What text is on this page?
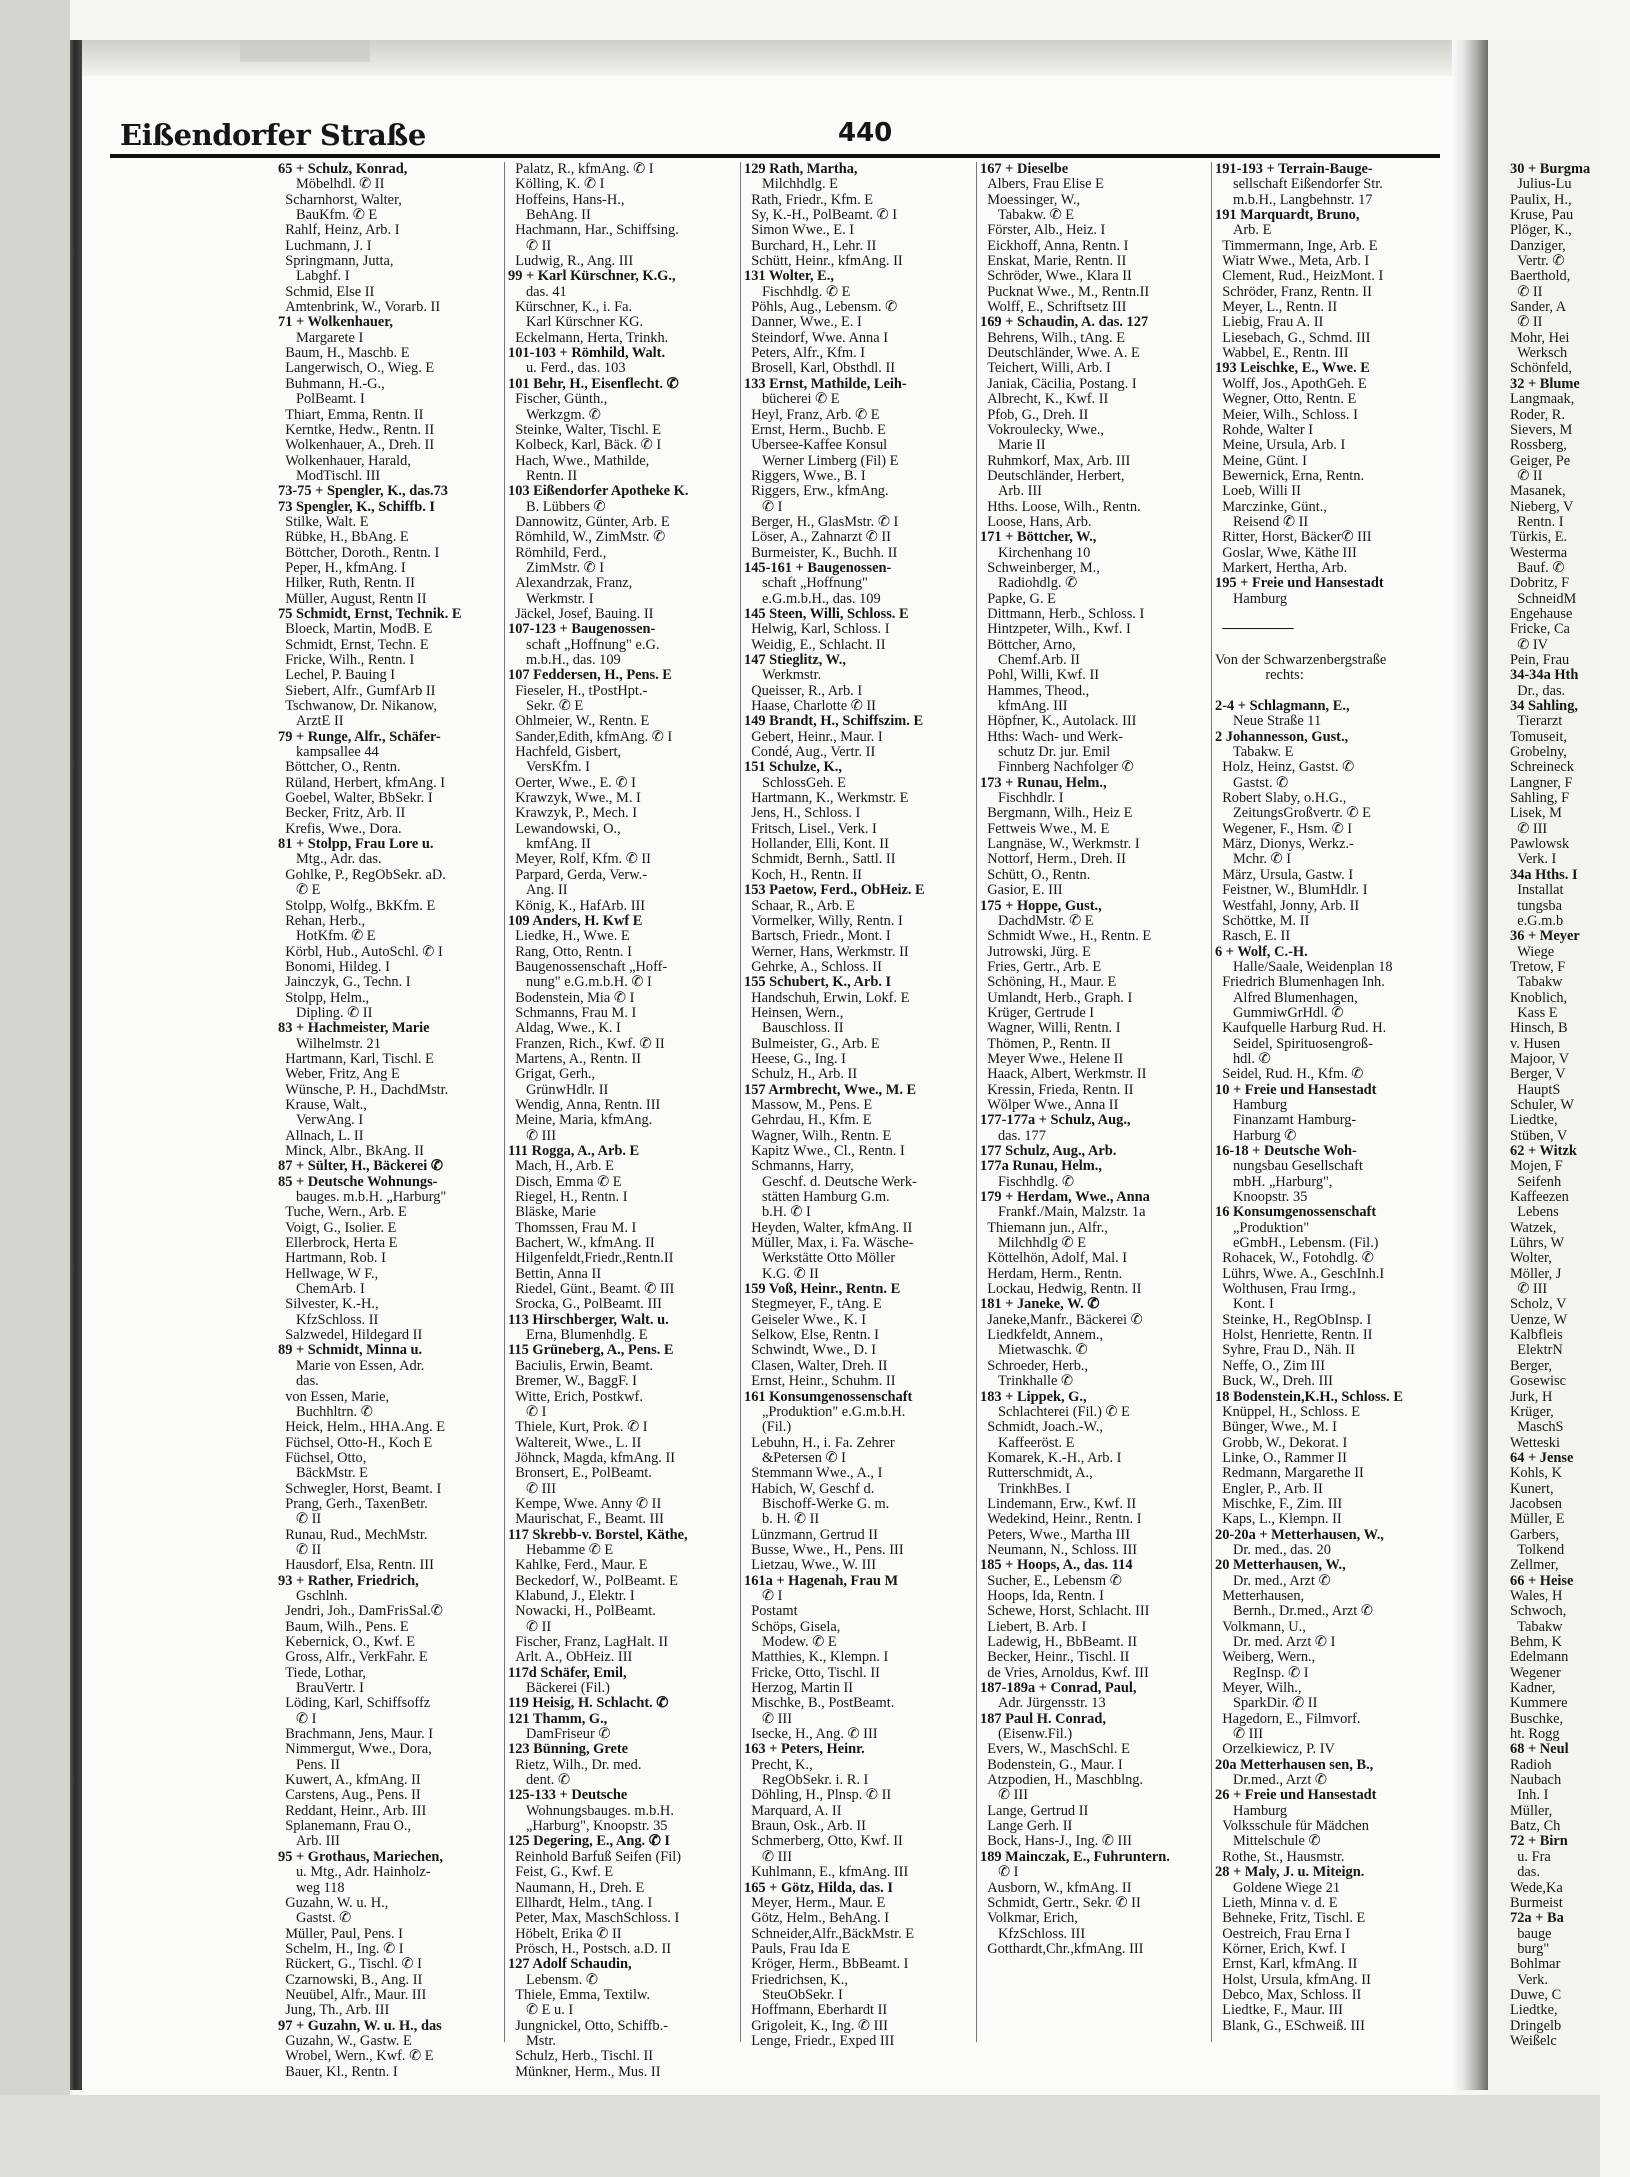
Eißendorfer Straße	440
65 + Schulz, Konrad,
Möbelhdl. ✆ II
Scharnhorst, Walter,
BauKfm. ✆ E
Rahlf, Heinz, Arb. I
Luchmann, J. I
Springmann, Jutta,
Labghf. I
Schmid, Else II
Amtenbrink, W., Vorarb. II
71 + Wolkenhauer,
Margarete I
Baum, H., Maschb. E
Langerwisch, O., Wieg. E
Buhmann, H.-G.,
PolBeamt. I
Thiart, Emma, Rentn. II
Kerntke, Hedw., Rentn. II
Wolkenhauer, A., Dreh. II
Wolkenhauer, Harald,
ModTischl. III
73-75 + Spengler, K., das.73
73 Spengler, K., Schiffb. I
Stilke, Walt. E
Rübke, H., BbAng. E
Böttcher, Doroth., Rentn. I
Peper, H., kfmAng. I
Hilker, Ruth, Rentn. II
Müller, August, Rentn II
75 Schmidt, Ernst, Technik. E
Bloeck, Martin, ModB. E
Schmidt, Ernst, Techn. E
Fricke, Wilh., Rentn. I
Lechel, P. Bauing I
Siebert, Alfr., GumfArb II
Tschwanow, Dr. Nikanow,
ArztE II
79 + Runge, Alfr., Schäfer-
kampsallee 44
Böttcher, O., Rentn.
Rüland, Herbert, kfmAng. I
Goebel, Walter, BbSekr. I
Becker, Fritz, Arb. II
Krefis, Wwe., Dora.
81 + Stolpp, Frau Lore u.
Mtg., Adr. das.
Gohlke, P., RegObSekr. aD.
✆ E
Stolpp, Wolfg., BkKfm. E
Rehan, Herb.,
HotKfm. ✆ E
Körbl, Hub., AutoSchl. ✆ I
Bonomi, Hildeg. I
Jainczyk, G., Techn. I
Stolpp, Helm.,
Dipling. ✆ II
83 + Hachmeister, Marie
Wilhelmstr. 21
Hartmann, Karl, Tischl. E
Weber, Fritz, Ang E
Wünsche, P. H., DachdMstr.
Krause, Walt.,
VerwAng. I
Allnach, L. II
Minck, Albr., BkAng. II
87 + Sülter, H., Bäckerei ✆
85 + Deutsche Wohnungs-
bauges. m.b.H. „Harburg"
Tuche, Wern., Arb. E
Voigt, G., Isolier. E
Ellerbrock, Herta E
Hartmann, Rob. I
Hellwage, W F.,
ChemArb. I
Silvester, K.-H.,
KfzSchloss. II
Salzwedel, Hildegard II
89 + Schmidt, Minna u.
Marie von Essen, Adr.
das.
von Essen, Marie,
Buchhltrn. ✆
Heick, Helm., HHA.Ang. E
Füchsel, Otto-H., Koch E
Füchsel, Otto,
BäckMstr. E
Schwegler, Horst, Beamt. I
Prang, Gerh., TaxenBetr.
✆ II
Runau, Rud., MechMstr.
✆ II
Hausdorf, Elsa, Rentn. III
93 + Rather, Friedrich,
Gschlnh.
Jendri, Joh., DamFrisSal.✆
Baum, Wilh., Pens. E
Kebernick, O., Kwf. E
Gross, Alfr., VerkFahr. E
Tiede, Lothar,
BrauVertr. I
Löding, Karl, Schiffsoffz
✆ I
Brachmann, Jens, Maur. I
Nimmergut, Wwe., Dora,
Pens. II
Kuwert, A., kfmAng. II
Carstens, Aug., Pens. II
Reddant, Heinr., Arb. III
Splanemann, Frau O.,
Arb. III
95 + Grothaus, Mariechen,
u. Mtg., Adr. Hainholz-
weg 118
Guzahn, W. u. H.,
Gastst. ✆
Müller, Paul, Pens. I
Schelm, H., Ing. ✆ I
Rückert, G., Tischl. ✆ I
Czarnowski, B., Ang. II
Neuübel, Alfr., Maur. III
Jung, Th., Arb. III
97 + Guzahn, W. u. H., das
Guzahn, W., Gastw. E
Wrobel, Wern., Kwf. ✆ E
Bauer, Kl., Rentn. I
Palatz, R., kfmAng. ✆ I
Kölling, K. ✆ I
Hoffeins, Hans-H.,
BehAng. II
Hachmann, Har., Schiffsing.
✆ II
Ludwig, R., Ang. III
99 + Karl Kürschner, K.G.,
das. 41
Kürschner, K., i. Fa.
Karl Kürschner KG.
Eckelmann, Herta, Trinkh.
101-103 + Römhild, Walt.
u. Ferd., das. 103
101 Behr, H., Eisenflecht. ✆
Fischer, Günth.,
Werkzgm. ✆
Steinke, Walter, Tischl. E
Kolbeck, Karl, Bäck. ✆ I
Hach, Wwe., Mathilde,
Rentn. II
103 Eißendorfer Apotheke K.
B. Lübbers ✆
Dannowitz, Günter, Arb. E
Römhild, W., ZimMstr. ✆
Römhild, Ferd.,
ZimMstr. ✆ I
Alexandrzak, Franz,
Werkmstr. I
Jäckel, Josef, Bauing. II
107-123 + Baugenossen-
schaft „Hoffnung" e.G.
m.b.H., das. 109
107 Feddersen, H., Pens. E
Fieseler, H., tPostHpt.-
Sekr. ✆ E
Ohlmeier, W., Rentn. E
Sander,Edith, kfmAng. ✆ I
Hachfeld, Gisbert,
VersKfm. I
Oerter, Wwe., E. ✆ I
Krawzyk, Wwe., M. I
Krawzyk, P., Mech. I
Lewandowski, O.,
kmfAng. II
Meyer, Rolf, Kfm. ✆ II
Parpard, Gerda, Verw.-
Ang. II
König, K., HafArb. III
109 Anders, H. Kwf E
Liedke, H., Wwe. E
Rang, Otto, Rentn. I
Baugenossenschaft „Hoff-
nung" e.G.m.b.H. ✆ I
Bodenstein, Mia ✆ I
Schmanns, Frau M. I
Aldag, Wwe., K. I
Franzen, Rich., Kwf. ✆ II
Martens, A., Rentn. II
Grigat, Gerh.,
GrünwHdlr. II
Wendig, Anna, Rentn. III
Meine, Maria, kfmAng.
✆ III
111 Rogga, A., Arb. E
Mach, H., Arb. E
Disch, Emma ✆ E
Riegel, H., Rentn. I
Bläske, Marie
Thomssen, Frau M. I
Bachert, W., kfmAng. II
Hilgenfeldt,Friedr.,Rentn.II
Bettin, Anna II
Riedel, Günt., Beamt. ✆ III
Srocka, G., PolBeamt. III
113 Hirschberger, Walt. u.
Erna, Blumenhdlg. E
115 Grüneberg, A., Pens. E
Baciulis, Erwin, Beamt.
Bremer, W., BaggF. I
Witte, Erich, Postkwf.
✆ I
Thiele, Kurt, Prok. ✆ I
Waltereit, Wwe., L. II
Jöhnck, Magda, kfmAng. II
Bronsert, E., PolBeamt.
✆ III
Kempe, Wwe. Anny ✆ II
Maurischat, F., Beamt. III
117 Skrebb-v. Borstel, Käthe,
Hebamme ✆ E
Kahlke, Ferd., Maur. E
Beckedorf, W., PolBeamt. E
Klabund, J., Elektr. I
Nowacki, H., PolBeamt.
✆ II
Fischer, Franz, LagHalt. II
Arlt. A., ObHeiz. III
117d Schäfer, Emil,
Bäckerei (Fil.)
119 Heisig, H. Schlacht. ✆
121 Thamm, G.,
DamFriseur ✆
123 Bünning, Grete
Rietz, Wilh., Dr. med.
dent. ✆
125-133 + Deutsche
Wohnungsbauges. m.b.H.
„Harburg", Knoopstr. 35
125 Degering, E., Ang. ✆ I
Reinhold Barfuß Seifen (Fil)
Feist, G., Kwf. E
Naumann, H., Dreh. E
Ellhardt, Helm., tAng. I
Peter, Max, MaschSchloss. I
Höbelt, Erika ✆ II
Prösch, H., Postsch. a.D. II
127 Adolf Schaudin,
Lebensm. ✆
Thiele, Emma, Textilw.
✆ E u. I
Jungnickel, Otto, Schiffb.-
Mstr.
Schulz, Herb., Tischl. II
Münkner, Herm., Mus. II
129 Rath, Martha,
Milchhdlg. E
Rath, Friedr., Kfm. E
Sy, K.-H., PolBeamt. ✆ I
Simon Wwe., E. I
Burchard, H., Lehr. II
Schütt, Heinr., kfmAng. II
131 Wolter, E.,
Fischhdlg. ✆ E
Pöhls, Aug., Lebensm. ✆
Danner, Wwe., E. I
Steindorf, Wwe. Anna I
Peters, Alfr., Kfm. I
Brosell, Karl, Obsthdl. II
133 Ernst, Mathilde, Leih-
bücherei ✆ E
Heyl, Franz, Arb. ✆ E
Ernst, Herm., Buchb. E
Ubersee-Kaffee Konsul
Werner Limberg (Fil) E
Riggers, Wwe., B. I
Riggers, Erw., kfmAng.
✆ I
Berger, H., GlasMstr. ✆ I
Löser, A., Zahnarzt ✆ II
Burmeister, K., Buchh. II
145-161 + Baugenossen-
schaft „Hoffnung"
e.G.m.b.H., das. 109
145 Steen, Willi, Schloss. E
Helwig, Karl, Schloss. I
Weidig, E., Schlacht. II
147 Stieglitz, W.,
Werkmstr.
Queisser, R., Arb. I
Haase, Charlotte ✆ II
149 Brandt, H., Schiffszim. E
Gebert, Heinr., Maur. I
Condé, Aug., Vertr. II
151 Schulze, K.,
SchlossGeh. E
Hartmann, K., Werkmstr. E
Jens, H., Schloss. I
Fritsch, Lisel., Verk. I
Hollander, Elli, Kont. II
Schmidt, Bernh., Sattl. II
Koch, H., Rentn. II
153 Paetow, Ferd., ObHeiz. E
Schaar, R., Arb. E
Vormelker, Willy, Rentn. I
Bartsch, Friedr., Mont. I
Werner, Hans, Werkmstr. II
Gehrke, A., Schloss. II
155 Schubert, K., Arb. I
Handschuh, Erwin, Lokf. E
Heinsen, Wern.,
Bauschloss. II
Bulmeister, G., Arb. E
Heese, G., Ing. I
Schulz, H., Arb. II
157 Armbrecht, Wwe., M. E
Massow, M., Pens. E
Gehrdau, H., Kfm. E
Wagner, Wilh., Rentn. E
Kapitz Wwe., Cl., Rentn. I
Schmanns, Harry,
Geschf. d. Deutsche Werk-
stätten Hamburg G.m.
b.H. ✆ I
Heyden, Walter, kfmAng. II
Müller, Max, i. Fa. Wäsche-
Werkstätte Otto Möller
K.G. ✆ II
159 Voß, Heinr., Rentn. E
Stegmeyer, F., tAng. E
Geiseler Wwe., K. I
Selkow, Else, Rentn. I
Schwindt, Wwe., D. I
Clasen, Walter, Dreh. II
Ernst, Heinr., Schuhm. II
161 Konsumgenossenschaft
„Produktion" e.G.m.b.H.
(Fil.)
Lebuhn, H., i. Fa. Zehrer
&Petersen ✆ I
Stemmann Wwe., A., I
Habich, W, Geschf d.
Bischoff-Werke G. m.
b. H. ✆ II
Lünzmann, Gertrud II
Busse, Wwe., H., Pens. III
Lietzau, Wwe., W. III
161a + Hagenah, Frau M
✆ I
Postamt
Schöps, Gisela,
Modew. ✆ E
Matthies, K., Klempn. I
Fricke, Otto, Tischl. II
Herzog, Martin II
Mischke, B., PostBeamt.
✆ III
Isecke, H., Ang. ✆ III
163 + Peters, Heinr.
Precht, K.,
RegObSekr. i. R. I
Döhling, H., Plnsp. ✆ II
Marquard, A. II
Braun, Osk., Arb. II
Schmerberg, Otto, Kwf. II
✆ III
Kuhlmann, E., kfmAng. III
165 + Götz, Hilda, das. I
Meyer, Herm., Maur. E
Götz, Helm., BehAng. I
Schneider,Alfr.,BäckMstr. E
Pauls, Frau Ida E
Kröger, Herm., BbBeamt. I
Friedrichsen, K.,
SteuObSekr. I
Hoffmann, Eberhardt II
Grigoleit, K., Ing. ✆ III
Lenge, Friedr., Exped III
167 + Dieselbe
Albers, Frau Elise E
Moessinger, W.,
Tabakw. ✆ E
Förster, Alb., Heiz. I
Eickhoff, Anna, Rentn. I
Enskat, Marie, Rentn. II
Schröder, Wwe., Klara II
Pucknat Wwe., M., Rentn.II
Wolff, E., Schriftsetz III
169 + Schaudin, A. das. 127
Behrens, Wilh., tAng. E
Deutschländer, Wwe. A. E
Teichert, Willi, Arb. I
Janiak, Cäcilia, Postang. I
Albrecht, K., Kwf. II
Pfob, G., Dreh. II
Vokroulecky, Wwe.,
Marie II
Ruhmkorf, Max, Arb. III
Deutschländer, Herbert,
Arb. III
Hths. Loose, Wilh., Rentn.
Loose, Hans, Arb.
171 + Böttcher, W.,
Kirchenhang 10
Schweinberger, M.,
Radiohdlg. ✆
Papke, G. E
Dittmann, Herb., Schloss. I
Hintzpeter, Wilh., Kwf. I
Böttcher, Arno,
Chemf.Arb. II
Pohl, Willi, Kwf. II
Hammes, Theod.,
kfmAng. III
Höpfner, K., Autolack. III
Hths: Wach- und Werk-
schutz Dr. jur. Emil
Finnberg Nachfolger ✆
173 + Runau, Helm.,
Fischhdlr. I
Bergmann, Wilh., Heiz E
Fettweis Wwe., M. E
Langnäse, W., Werkmstr. I
Nottorf, Herm., Dreh. II
Schütt, O., Rentn.
Gasior, E. III
175 + Hoppe, Gust.,
DachdMstr. ✆ E
Schmidt Wwe., H., Rentn. E
Jutrowski, Jürg. E
Fries, Gertr., Arb. E
Schöning, H., Maur. E
Umlandt, Herb., Graph. I
Krüger, Gertrude I
Wagner, Willi, Rentn. I
Thömen, P., Rentn. II
Meyer Wwe., Helene II
Haack, Albert, Werkmstr. II
Kressin, Frieda, Rentn. II
Wölper Wwe., Anna II
177-177a + Schulz, Aug.,
das. 177
177 Schulz, Aug., Arb.
177a Runau, Helm.,
Fischhdlg. ✆
179 + Herdam, Wwe., Anna
Frankf./Main, Malzstr. 1a
Thiemann jun., Alfr.,
Milchhdlg ✆ E
Köttelhön, Adolf, Mal. I
Herdam, Herm., Rentn.
Lockau, Hedwig, Rentn. II
181 + Janeke, W. ✆
Janeke,Manfr., Bäckerei ✆
Liedkfeldt, Annem.,
Mietwaschk. ✆
Schroeder, Herb.,
Trinkhalle ✆
183 + Lippek, G.,
Schlachterei (Fil.) ✆ E
Schmidt, Joach.-W.,
Kaffeeröst. E
Komarek, K.-H., Arb. I
Rutterschmidt, A.,
TrinkhBes. I
Lindemann, Erw., Kwf. II
Wedekind, Heinr., Rentn. I
Peters, Wwe., Martha III
Neumann, N., Schloss. III
185 + Hoops, A., das. 114
Sucher, E., Lebensm ✆
Hoops, Ida, Rentn. I
Schewe, Horst, Schlacht. III
Liebert, B. Arb. I
Ladewig, H., BbBeamt. II
Becker, Heinr., Tischl. II
de Vries, Arnoldus, Kwf. III
187-189a + Conrad, Paul,
Adr. Jürgensstr. 13
187 Paul H. Conrad,
(Eisenw.Fil.)
Evers, W., MaschSchl. E
Bodenstein, G., Maur. I
Atzpodien, H., Maschblng.
✆ III
Lange, Gertrud II
Lange Gerh. II
Bock, Hans-J., Ing. ✆ III
189 Mainczak, E., Fuhruntern.
✆ I
Ausborn, W., kfmAng. II
Schmidt, Gertr., Sekr. ✆ II
Volkmar, Erich,
KfzSchloss. III
Gotthardt,Chr.,kfmAng. III
191-193 + Terrain-Bauge-
sellschaft Eißendorfer Str.
m.b.H., Langbehnstr. 17
191 Marquardt, Bruno,
Arb. E
Timmermann, Inge, Arb. E
Wiatr Wwe., Meta, Arb. I
Clement, Rud., HeizMont. I
Schröder, Franz, Rentn. II
Meyer, L., Rentn. II
Liebig, Frau A. II
Liesebach, G., Schmd. III
Wabbel, E., Rentn. III
193 Leischke, E., Wwe. E
Wolff, Jos., ApothGeh. E
Wegner, Otto, Rentn. E
Meier, Wilh., Schloss. I
Rohde, Walter I
Meine, Ursula, Arb. I
Meine, Günt. I
Bewernick, Erna, Rentn.
Loeb, Willi II
Marczinke, Günt.,
Reisend ✆ II
Ritter, Horst, Bäcker✆ III
Goslar, Wwe, Käthe III
Markert, Hertha, Arb.
195 + Freie und Hansestadt
Hamburg

───────

Von der Schwarzenbergstraße
rechts:

2-4 + Schlagmann, E.,
Neue Straße 11
2 Johannesson, Gust.,
Tabakw. E
Holz, Heinz, Gastst. ✆
Gastst. ✆
Robert Slaby, o.H.G.,
ZeitungsGroßvertr. ✆ E
Wegener, F., Hsm. ✆ I
März, Dionys, Werkz.-
Mchr. ✆ I
März, Ursula, Gastw. I
Feistner, W., BlumHdlr. I
Westfahl, Jonny, Arb. II
Schöttke, M. II
Rasch, E. II
6 + Wolf, C.-H.
Halle/Saale, Weidenplan 18
Friedrich Blumenhagen Inh.
Alfred Blumenhagen,
GummiwGrHdl. ✆
Kaufquelle Harburg Rud. H.
Seidel, Spirituosengroß-
hdl. ✆
Seidel, Rud. H., Kfm. ✆
10 + Freie und Hansestadt
Hamburg
Finanzamt Hamburg-
Harburg ✆
16-18 + Deutsche Woh-
nungsbau Gesellschaft
mbH. „Harburg",
Knoopstr. 35
16 Konsumgenossenschaft
„Produktion"
eGmbH., Lebensm. (Fil.)
Rohacek, W., Fotohdlg. ✆
Lührs, Wwe. A., GeschInh.I
Wolthusen, Frau Irmg.,
Kont. I
Steinke, H., RegObInsp. I
Holst, Henriette, Rentn. II
Syhre, Frau D., Näh. II
Neffe, O., Zim III
Buck, W., Dreh. III
18 Bodenstein,K.H., Schloss. E
Knüppel, H., Schloss. E
Bünger, Wwe., M. I
Grobb, W., Dekorat. I
Linke, O., Rammer II
Redmann, Margarethe II
Engler, P., Arb. II
Mischke, F., Zim. III
Kaps, L., Klempn. II
20-20a + Metterhausen, W.,
Dr. med., das. 20
20 Metterhausen, W.,
Dr. med., Arzt ✆
Metterhausen,
Bernh., Dr.med., Arzt ✆
Volkmann, U.,
Dr. med. Arzt ✆ I
Weiberg, Wern.,
RegInsp. ✆ I
Meyer, Wilh.,
SparkDir. ✆ II
Hagedorn, E., Filmvorf.
✆ III
Orzelkiewicz, P. IV
20a Metterhausen sen, B.,
Dr.med., Arzt ✆
26 + Freie und Hansestadt
Hamburg
Volksschule für Mädchen
Mittelschule ✆
Rothe, St., Hausmstr.
28 + Maly, J. u. Miteign.
Goldene Wiege 21
Lieth, Minna v. d. E
Behneke, Fritz, Tischl. E
Oestreich, Frau Erna I
Körner, Erich, Kwf. I
Ernst, Karl, kfmAng. II
Holst, Ursula, kfmAng. II
Debco, Max, Schloss. II
Liedtke, F., Maur. III
Blank, G., ESchweiß. III
30 + Burgma
Julius-Lu
Paulix, H.,
Kruse, Pau
Plöger, K.,
Danziger,
Vertr. ✆
Baerthold,
✆ II
Sander, A
✆ II
Mohr, Hei
Werksch
Schönfeld,
32 + Blume
Langmaak,
Roder, R.
Sievers, M
Rossberg,
Geiger, Pe
✆ II
Masanek,
Nieberg, V
Rentn. I
Türkis, E.
Westerma
Bauf. ✆
Dobritz, F
SchneidM
Engehause
Fricke, Ca
✆ IV
Pein, Frau
34-34a Hth
Dr., das.
34 Sahling,
Tierarzt
Tomuseit,
Grobelny,
Schreineck
Langner, F
Sahling, F
Lisek, M
✆ III
Pawlowsk
Verk. I
34a Hths. I
Installat
tungsba
e.G.m.b
36 + Meyer
Wiege
Tretow, F
Tabakw
Knoblich,
Kass E
Hinsch, B
v. Husen
Majoor, V
Berger, V
HauptS
Schuler, W
Liedtke,
Stüben, V
62 + Witzk
Mojen, F
Seifenh
Kaffeezen
Lebens
Watzek,
Lührs, W
Wolter,
Möller, J
✆ III
Scholz, V
Uenze, W
Kalbfleis
ElektrN
Berger,
Gosewisc
Jurk, H
Krüger,
MaschS
Wetteski
64 + Jense
Kohls, K
Kunert,
Jacobsen
Müller, E
Garbers,
Tolkend
Zellmer,
66 + Heise
Wales, H
Schwoch,
Tabakw
Behm, K
Edelmann
Wegener
Kadner,
Kummere
Buschke,
ht. Rogg
68 + Neul
Radioh
Naubach
Inh. I
Müller,
Batz, Ch
72 + Birn
u. Fra
das.
Wede,Ka
Burmeist
72a + Ba
bauge
burg"
Bohlmar
Verk.
Duwe, C
Liedtke,
Dringelb
Weißelc
